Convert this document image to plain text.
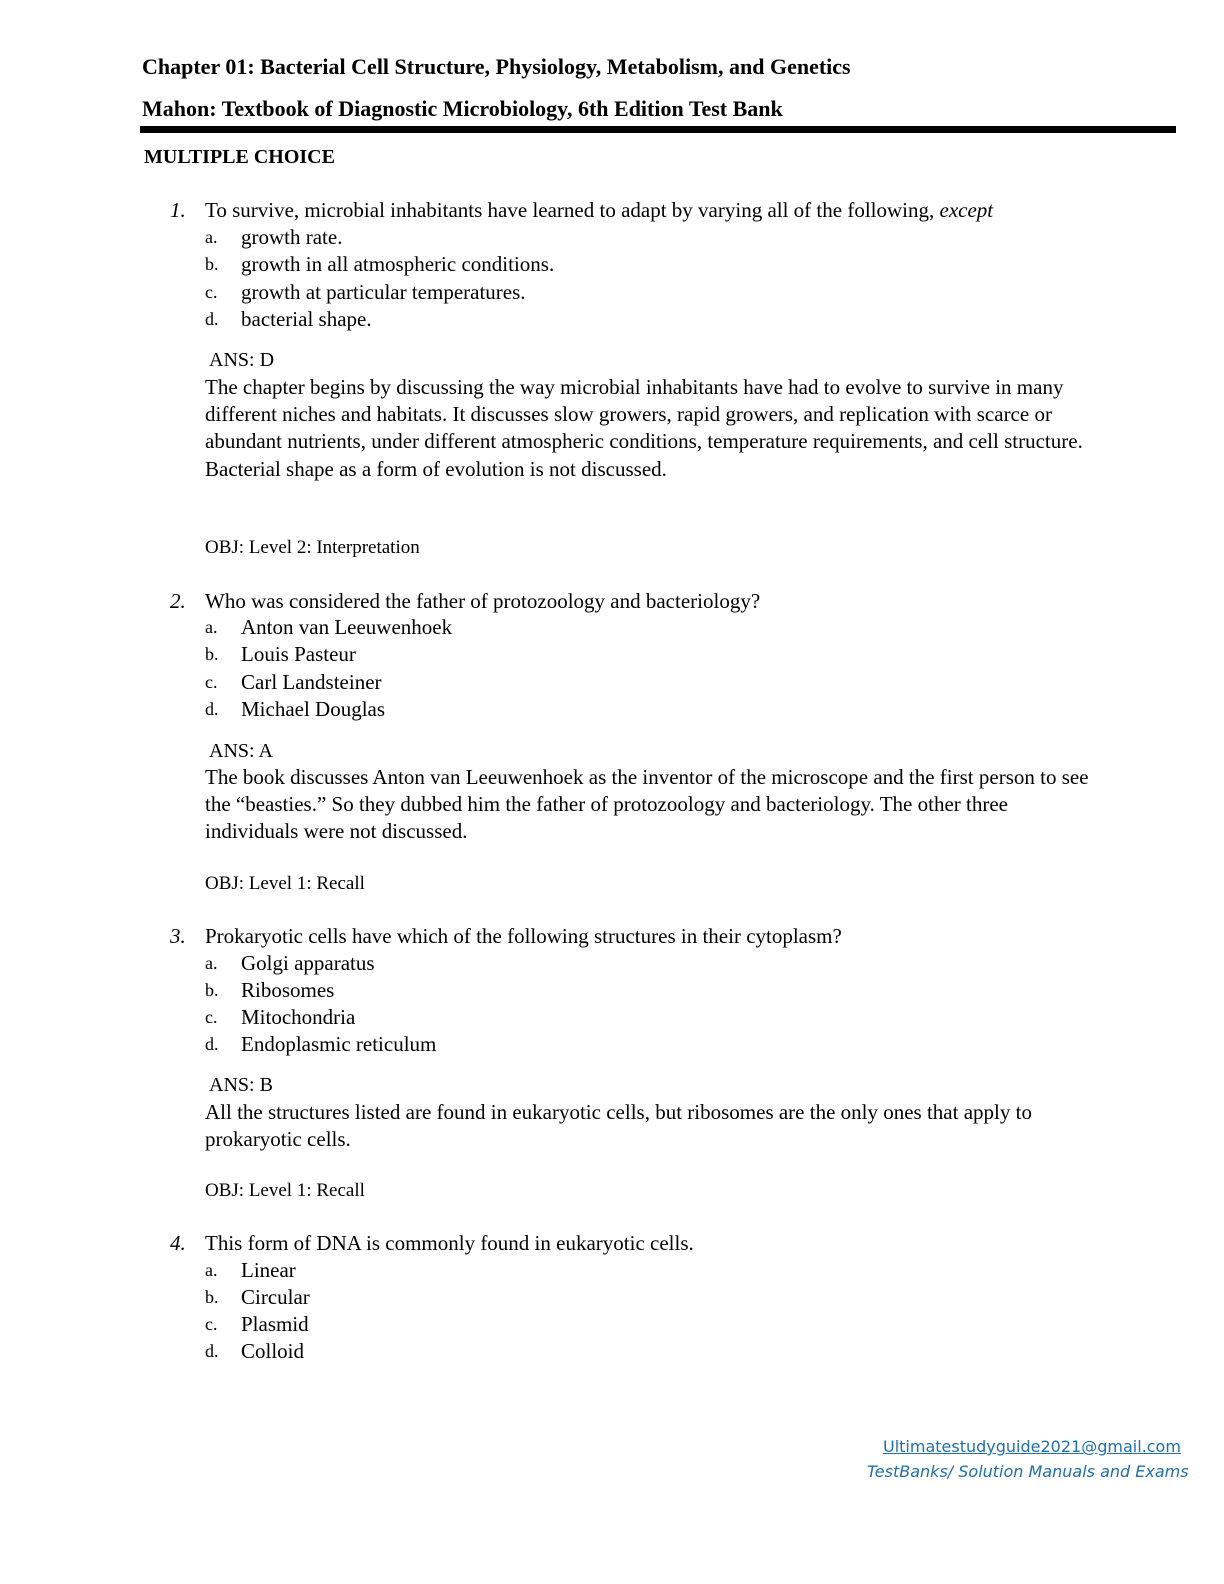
Chapter 01: Bacterial Cell Structure, Physiology, Metabolism, and Genetics
Mahon: Textbook of Diagnostic Microbiology, 6th Edition Test Bank
MULTIPLE CHOICE
1. To survive, microbial inhabitants have learned to adapt by varying all of the following, except
a. growth rate.
b. growth in all atmospheric conditions.
c. growth at particular temperatures.
d. bacterial shape.
ANS: D
The chapter begins by discussing the way microbial inhabitants have had to evolve to survive in many different niches and habitats. It discusses slow growers, rapid growers, and replication with scarce or abundant nutrients, under different atmospheric conditions, temperature requirements, and cell structure. Bacterial shape as a form of evolution is not discussed.
OBJ: Level 2: Interpretation
2. Who was considered the father of protozoology and bacteriology?
a. Anton van Leeuwenhoek
b. Louis Pasteur
c. Carl Landsteiner
d. Michael Douglas
ANS: A
The book discusses Anton van Leeuwenhoek as the inventor of the microscope and the first person to see the “beasties.” So they dubbed him the father of protozoology and bacteriology. The other three individuals were not discussed.
OBJ: Level 1: Recall
3. Prokaryotic cells have which of the following structures in their cytoplasm?
a. Golgi apparatus
b. Ribosomes
c. Mitochondria
d. Endoplasmic reticulum
ANS: B
All the structures listed are found in eukaryotic cells, but ribosomes are the only ones that apply to prokaryotic cells.
OBJ: Level 1: Recall
4. This form of DNA is commonly found in eukaryotic cells.
a. Linear
b. Circular
c. Plasmid
d. Colloid
Ultimatestudyguide2021@gmail.com
TestBanks/ Solution Manuals and Exams
